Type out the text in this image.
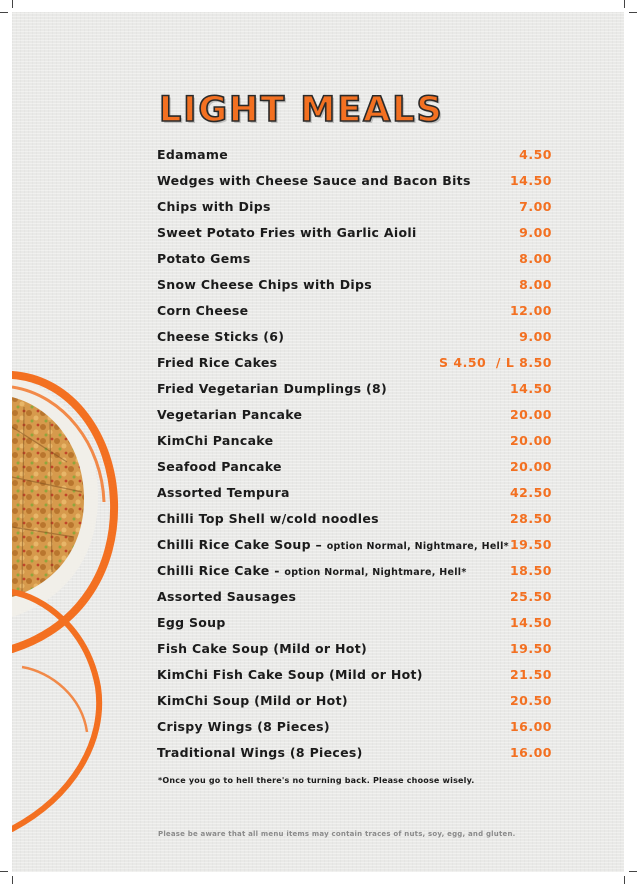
LIGHT MEALS
Edamame	4.50
Wedges with Cheese Sauce and Bacon Bits	14.50
Chips with Dips	7.00
Sweet Potato Fries with Garlic Aioli	9.00
Potato Gems	8.00
Snow Cheese Chips with Dips	8.00
Corn Cheese	12.00
Cheese Sticks (6)	9.00
Fried Rice Cakes	S 4.50  / L 8.50
Fried Vegetarian Dumplings (8)	14.50
Vegetarian Pancake	20.00
KimChi Pancake	20.00
Seafood Pancake	20.00
Assorted Tempura	42.50
Chilli Top Shell w/cold noodles	28.50
Chilli Rice Cake Soup – option Normal, Nightmare, Hell* 19.50
Chilli Rice Cake - option Normal, Nightmare, Hell*	18.50
Assorted Sausages	25.50
Egg Soup	14.50
Fish Cake Soup (Mild or Hot)	19.50
KimChi Fish Cake Soup (Mild or Hot)	21.50
KimChi Soup (Mild or Hot)	20.50
Crispy Wings (8 Pieces)	16.00
Traditional Wings (8 Pieces)	16.00
*Once you go to hell there's no turning back. Please choose wisely.
Please be aware that all menu items may contain traces of nuts, soy, egg, and gluten.
